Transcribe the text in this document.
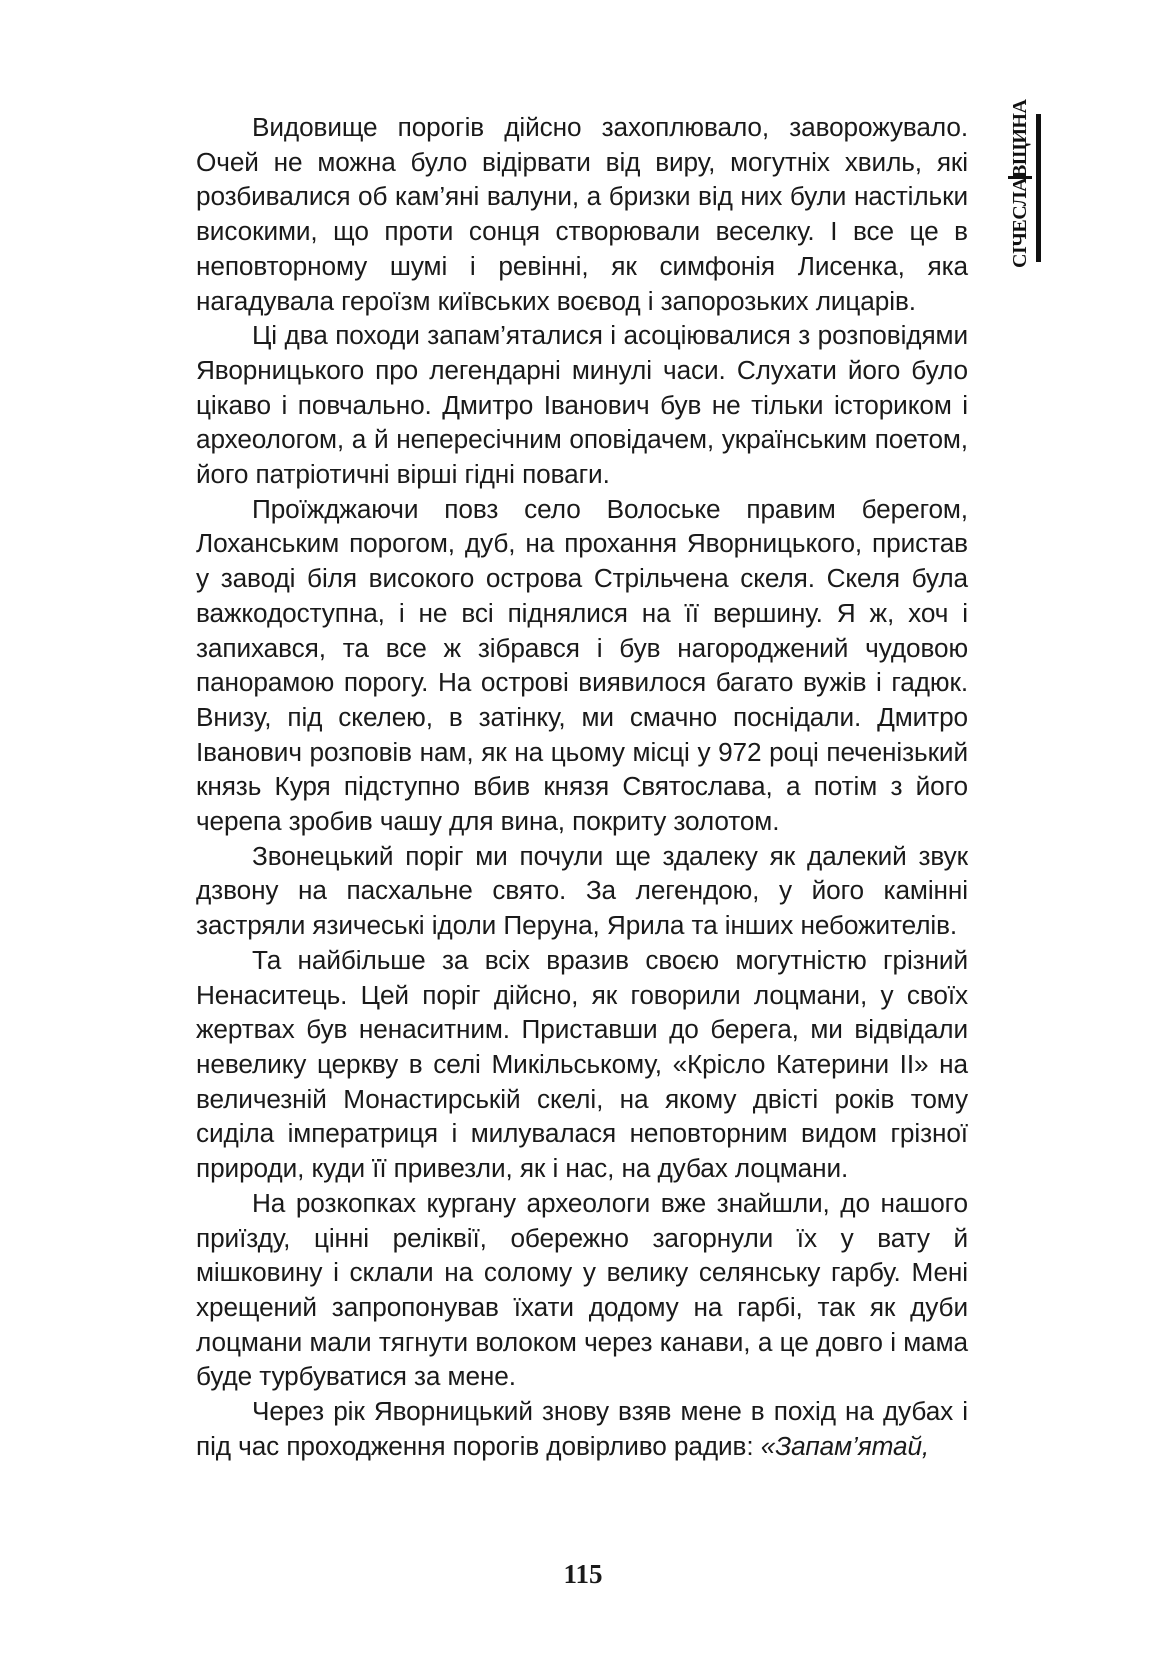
СІЧЕСЛАВЩИНА

Видовище порогів дійсно захоплювало, заворожувало. Очей не можна було відірвати від виру, могутніх хвиль, які розбивалися об кам’яні валуни, а бризки від них були настільки високими, що проти сонця створювали веселку. І все це в неповторному шумі і ревінні, як симфонія Лисенка, яка нагадувала героїзм київських воєвод і запорозьких лицарів.

Ці два походи запам’яталися і асоціювалися з розповідями Яворницького про легендарні минулі часи. Слухати його було цікаво і повчально. Дмитро Іванович був не тільки істориком і археологом, а й непересічним оповідачем, українським поетом, його патріотичні вірші гідні поваги.

Проїжджаючи повз село Волоське правим берегом, Лоханським порогом, дуб, на прохання Яворницького, пристав у заводі біля високого острова Стрільчена скеля. Скеля була важкодоступна, і не всі піднялися на її вершину. Я ж, хоч і запихався, та все ж зібрався і був нагороджений чудовою панорамою порогу. На острові виявилося багато вужів і гадюк. Внизу, під скелею, в затінку, ми смачно поснідали. Дмитро Іванович розповів нам, як на цьому місці у 972 році печенізький князь Куря підступно вбив князя Святослава, а потім з його черепа зробив чашу для вина, покриту золотом.

Звонецький поріг ми почули ще здалеку як далекий звук дзвону на пасхальне свято. За легендою, у його камінні застряли язичеські ідоли Перуна, Ярила та інших небожителів.

Та найбільше за всіх вразив своєю могутністю грізний Ненаситець. Цей поріг дійсно, як говорили лоцмани, у своїх жертвах був ненаситним. Приставши до берега, ми відвідали невелику церкву в селі Микільському, «Крісло Катерини ІІ» на величезній Монастирській скелі, на якому двісті років тому сиділа імператриця і милувалася неповторним видом грізної природи, куди її привезли, як і нас, на дубах лоцмани.

На розкопках кургану археологи вже знайшли, до нашого приїзду, цінні реліквії, обережно загорнули їх у вату й мішковину і склали на солому у велику селянську гарбу. Мені хрещений запропонував їхати додому на гарбі, так як дуби лоцмани мали тягнути волоком через канави, а це довго і мама буде турбуватися за мене.

Через рік Яворницький знову взяв мене в похід на дубах і під час проходження порогів довірливо радив: «Запам’ятай,

115
